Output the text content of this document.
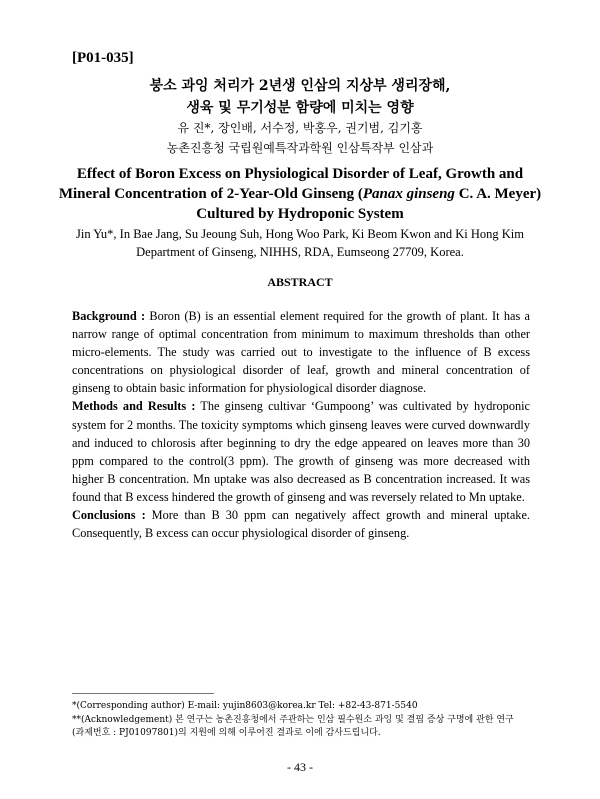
[P01-035]
붕소 과잉 처리가 2년생 인삼의 지상부 생리장해,
생육 및 무기성분 함량에 미치는 영향
유 진*, 장인배, 서수정, 박홍우, 권기범, 김기홍
농촌진흥청 국립원예특작과학원 인삼특작부 인삼과
Effect of Boron Excess on Physiological Disorder of Leaf, Growth and
Mineral Concentration of 2-Year-Old Ginseng (Panax ginseng C. A. Meyer)
Cultured by Hydroponic System
Jin Yu*, In Bae Jang, Su Jeoung Suh, Hong Woo Park, Ki Beom Kwon and Ki Hong Kim
Department of Ginseng, NIHHS, RDA, Eumseong 27709, Korea.
ABSTRACT

Background : Boron (B) is an essential element required for the growth of plant. It has a narrow range of optimal concentration from minimum to maximum thresholds than other micro-elements. The study was carried out to investigate to the influence of B excess concentrations on physiological disorder of leaf, growth and mineral concentration of ginseng to obtain basic information for physiological disorder diagnose.

Methods and Results : The ginseng cultivar ‘Gumpoong’ was cultivated by hydroponic system for 2 months. The toxicity symptoms which ginseng leaves were curved downwardly and induced to chlorosis after beginning to dry the edge appeared on leaves more than 30 ppm compared to the control(3 ppm). The growth of ginseng was more decreased with higher B concentration. Mn uptake was also decreased as B concentration increased. It was found that B excess hindered the growth of ginseng and was reversely related to Mn uptake.

Conclusions : More than B 30 ppm can negatively affect growth and mineral uptake. Consequently, B excess can occur physiological disorder of ginseng.

*(Corresponding author) E-mail: yujin8603@korea.kr Tel: +82-43-871-5540
**(Acknowledgement) 본 연구는 농촌진흥청에서 주관하는 인삼 필수원소 과잉 및 결핍 증상 구명에 관한 연구
(과제번호 : PJ01097801)의 지원에 의해 이루어진 결과로 이에 감사드립니다.
- 43 -
